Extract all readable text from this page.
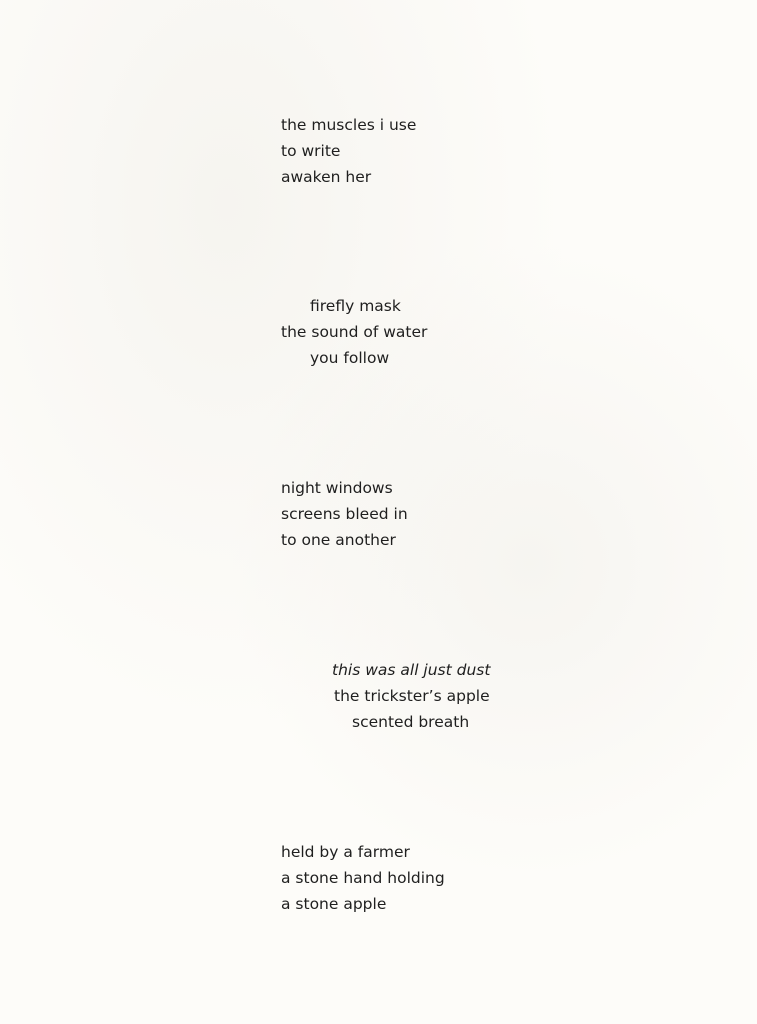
the muscles i use
to write
awaken her
firefly mask
the sound of water
you follow
night windows
screens bleed in
to one another
this was all just dust
the trickster’s apple
scented breath
held by a farmer
a stone hand holding
a stone apple
